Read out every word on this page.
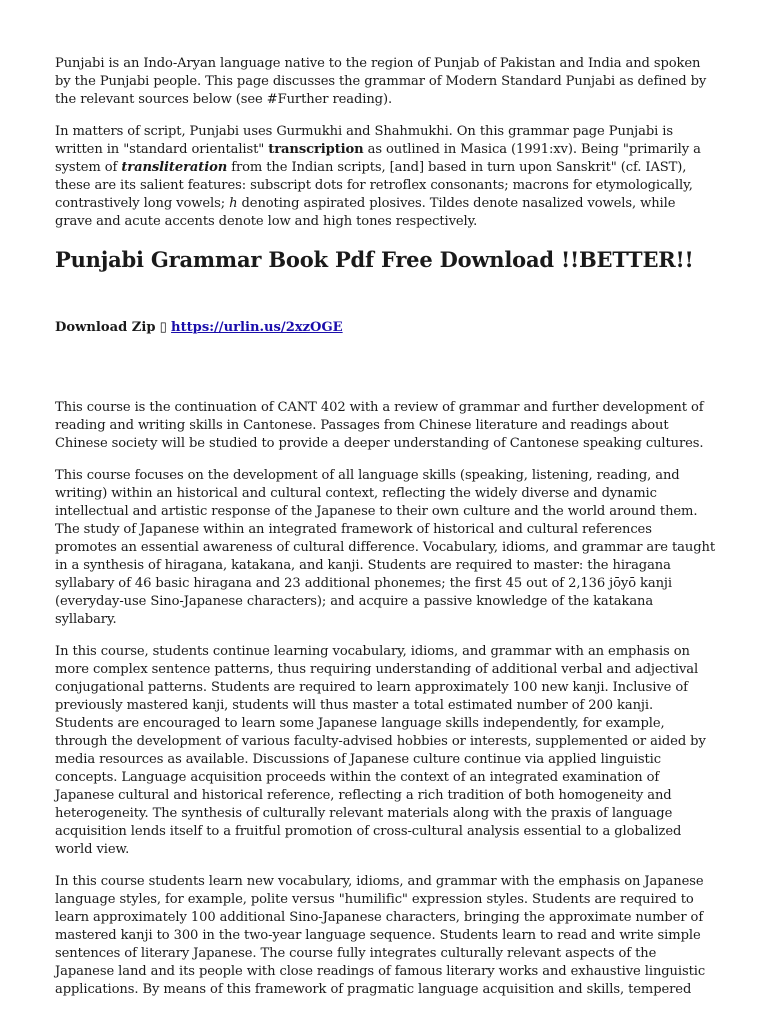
Punjabi is an Indo-Aryan language native to the region of Punjab of Pakistan and India and spoken by the Punjabi people. This page discusses the grammar of Modern Standard Punjabi as defined by the relevant sources below (see #Further reading).

In matters of script, Punjabi uses Gurmukhi and Shahmukhi. On this grammar page Punjabi is written in "standard orientalist" transcription as outlined in Masica (1991:xv). Being "primarily a system of transliteration from the Indian scripts, [and] based in turn upon Sanskrit" (cf. IAST), these are its salient features: subscript dots for retroflex consonants; macrons for etymologically, contrastively long vowels; h denoting aspirated plosives. Tildes denote nasalized vowels, while grave and acute accents denote low and high tones respectively.

Punjabi Grammar Book Pdf Free Download !!BETTER!!
Download Zip ▯ https://urlin.us/2xzOGE

This course is the continuation of CANT 402 with a review of grammar and further development of reading and writing skills in Cantonese. Passages from Chinese literature and readings about Chinese society will be studied to provide a deeper understanding of Cantonese speaking cultures.

This course focuses on the development of all language skills (speaking, listening, reading, and writing) within an historical and cultural context, reflecting the widely diverse and dynamic intellectual and artistic response of the Japanese to their own culture and the world around them. The study of Japanese within an integrated framework of historical and cultural references promotes an essential awareness of cultural difference. Vocabulary, idioms, and grammar are taught in a synthesis of hiragana, katakana, and kanji. Students are required to master: the hiragana syllabary of 46 basic hiragana and 23 additional phonemes; the first 45 out of 2,136 jōyō kanji (everyday-use Sino-Japanese characters); and acquire a passive knowledge of the katakana syllabary.

In this course, students continue learning vocabulary, idioms, and grammar with an emphasis on more complex sentence patterns, thus requiring understanding of additional verbal and adjectival conjugational patterns. Students are required to learn approximately 100 new kanji. Inclusive of previously mastered kanji, students will thus master a total estimated number of 200 kanji. Students are encouraged to learn some Japanese language skills independently, for example, through the development of various faculty-advised hobbies or interests, supplemented or aided by media resources as available. Discussions of Japanese culture continue via applied linguistic concepts. Language acquisition proceeds within the context of an integrated examination of Japanese cultural and historical reference, reflecting a rich tradition of both homogeneity and heterogeneity. The synthesis of culturally relevant materials along with the praxis of language acquisition lends itself to a fruitful promotion of cross-cultural analysis essential to a globalized world view.

In this course students learn new vocabulary, idioms, and grammar with the emphasis on Japanese language styles, for example, polite versus "humilific" expression styles. Students are required to learn approximately 100 additional Sino-Japanese characters, bringing the approximate number of mastered kanji to 300 in the two-year language sequence. Students learn to read and write simple sentences of literary Japanese. The course fully integrates culturally relevant aspects of the Japanese land and its people with close readings of famous literary works and exhaustive linguistic applications. By means of this framework of pragmatic language acquisition and skills, tempered
